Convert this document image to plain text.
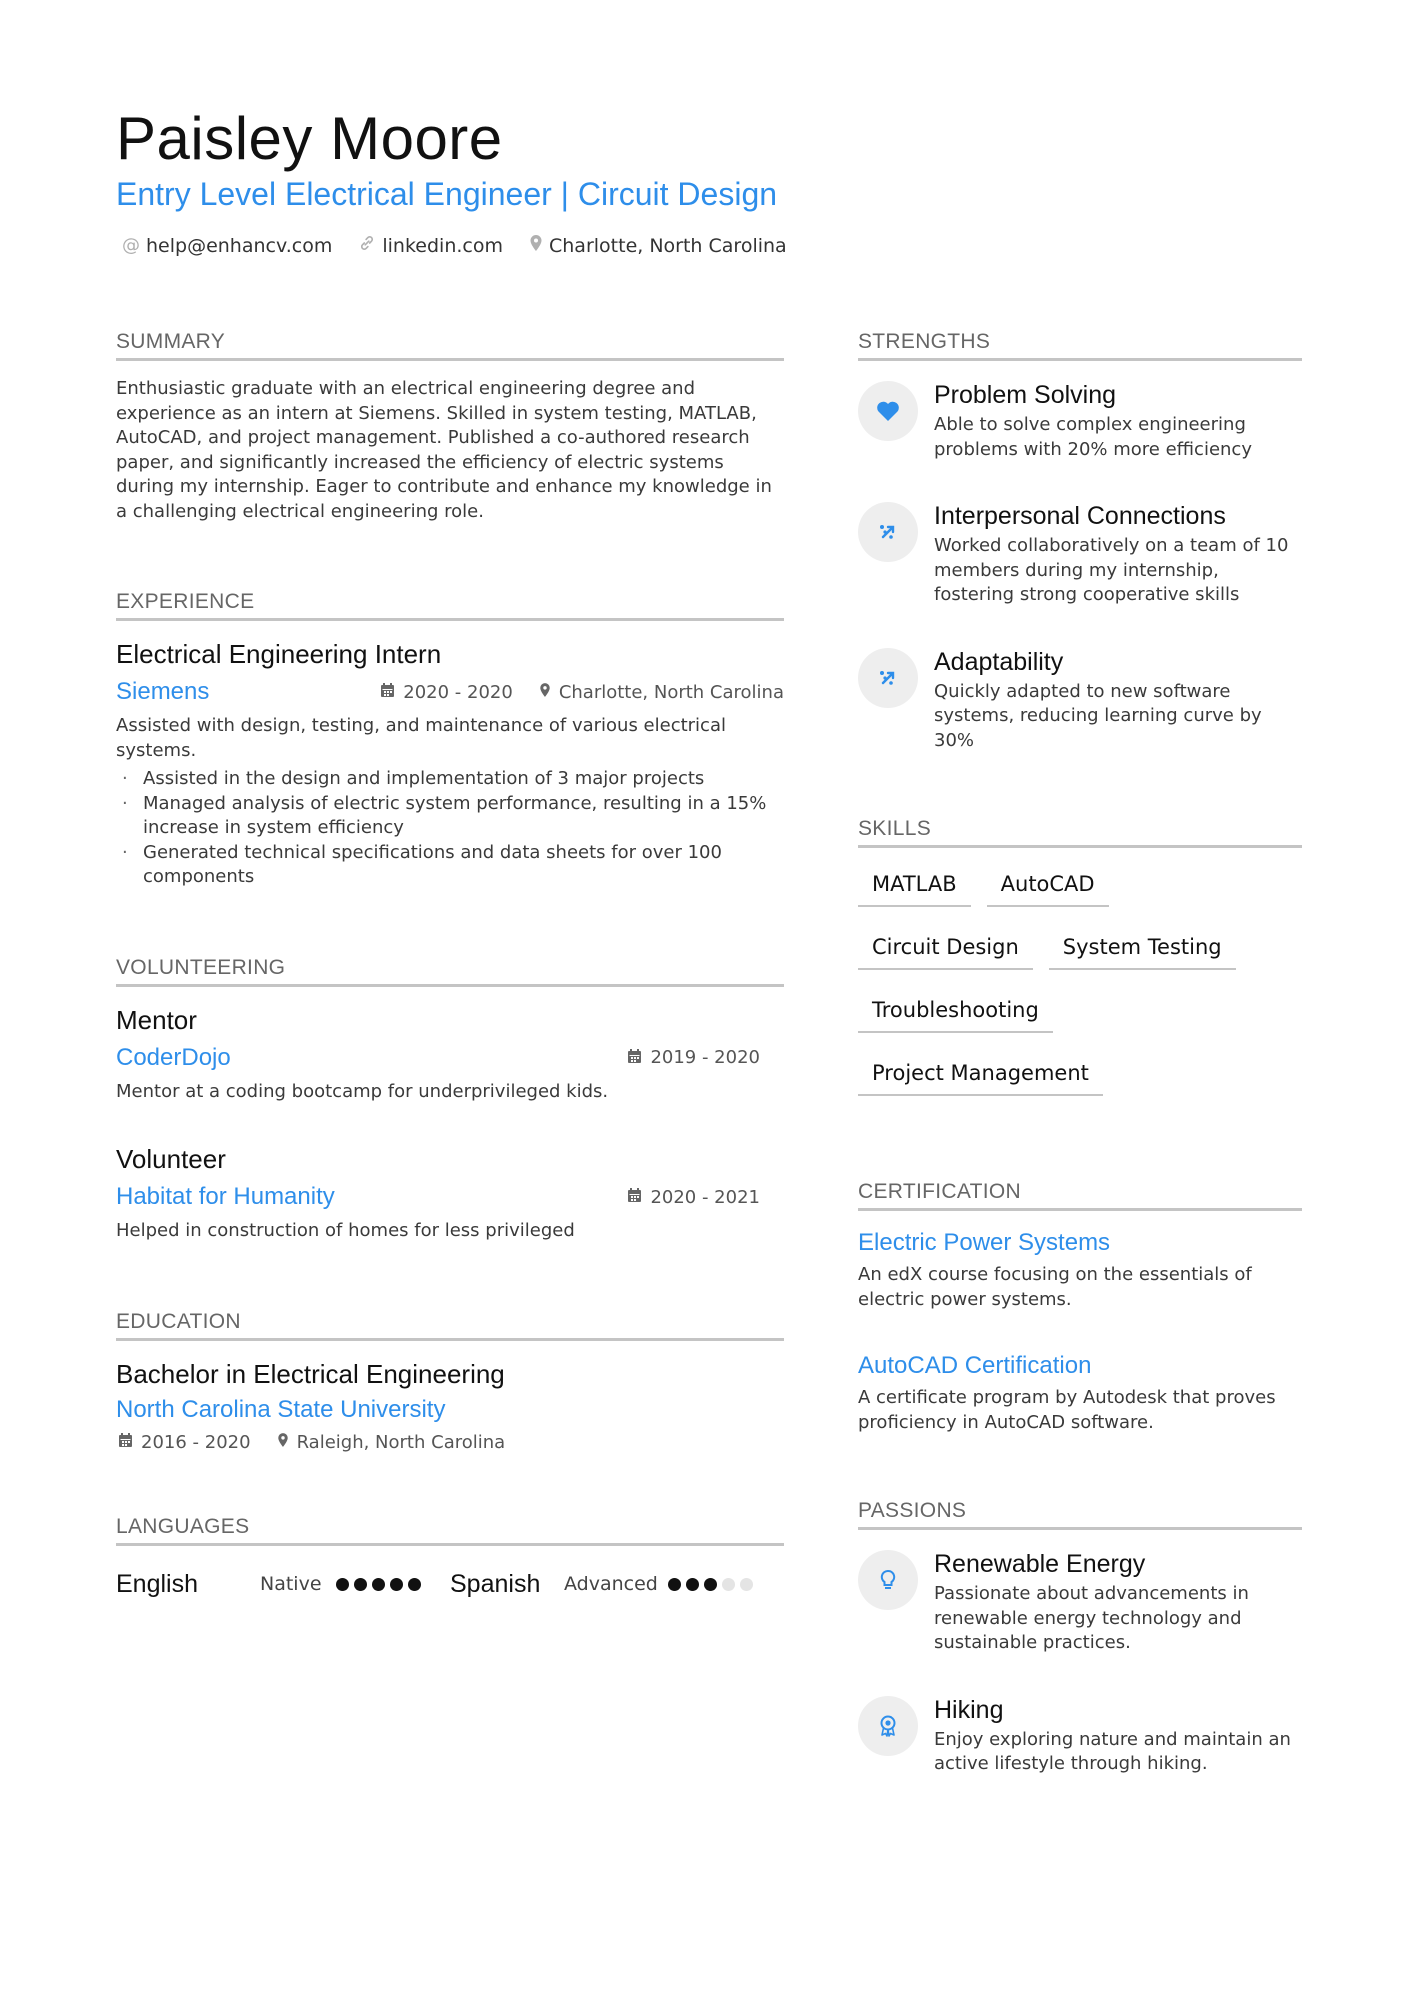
Paisley Moore
Entry Level Electrical Engineer | Circuit Design
@ help@enhancv.com	linkedin.com Charlotte, North Carolina
SUMMARY
Enthusiastic graduate with an electrical engineering degree and experience as an intern at Siemens. Skilled in system testing, MATLAB, AutoCAD, and project management. Published a co-authored research paper, and significantly increased the efficiency of electric systems during my internship. Eager to contribute and enhance my knowledge in a challenging electrical engineering role.
EXPERIENCE
Electrical Engineering Intern
Siemens	2020 - 2020	Charlotte, North Carolina
Assisted with design, testing, and maintenance of various electrical systems.
· Assisted in the design and implementation of 3 major projects
· Managed analysis of electric system performance, resulting in a 15% increase in system efficiency
· Generated technical specifications and data sheets for over 100 components
VOLUNTEERING
Mentor
CoderDojo	2019 - 2020
Mentor at a coding bootcamp for underprivileged kids.
Volunteer
Habitat for Humanity	2020 - 2021
Helped in construction of homes for less privileged
EDUCATION
Bachelor in Electrical Engineering
North Carolina State University
2016 - 2020	Raleigh, North Carolina
LANGUAGES
English	Native	Spanish	Advanced
STRENGTHS
Problem Solving
Able to solve complex engineering problems with 20% more efficiency
Interpersonal Connections
Worked collaboratively on a team of 10 members during my internship, fostering strong cooperative skills
Adaptability
Quickly adapted to new software systems, reducing learning curve by 30%
SKILLS
MATLAB	AutoCAD
Circuit Design	System Testing
Troubleshooting
Project Management
CERTIFICATION
Electric Power Systems
An edX course focusing on the essentials of electric power systems.
AutoCAD Certification
A certificate program by Autodesk that proves proficiency in AutoCAD software.
PASSIONS
Renewable Energy
Passionate about advancements in renewable energy technology and sustainable practices.
Hiking
Enjoy exploring nature and maintain an active lifestyle through hiking.
